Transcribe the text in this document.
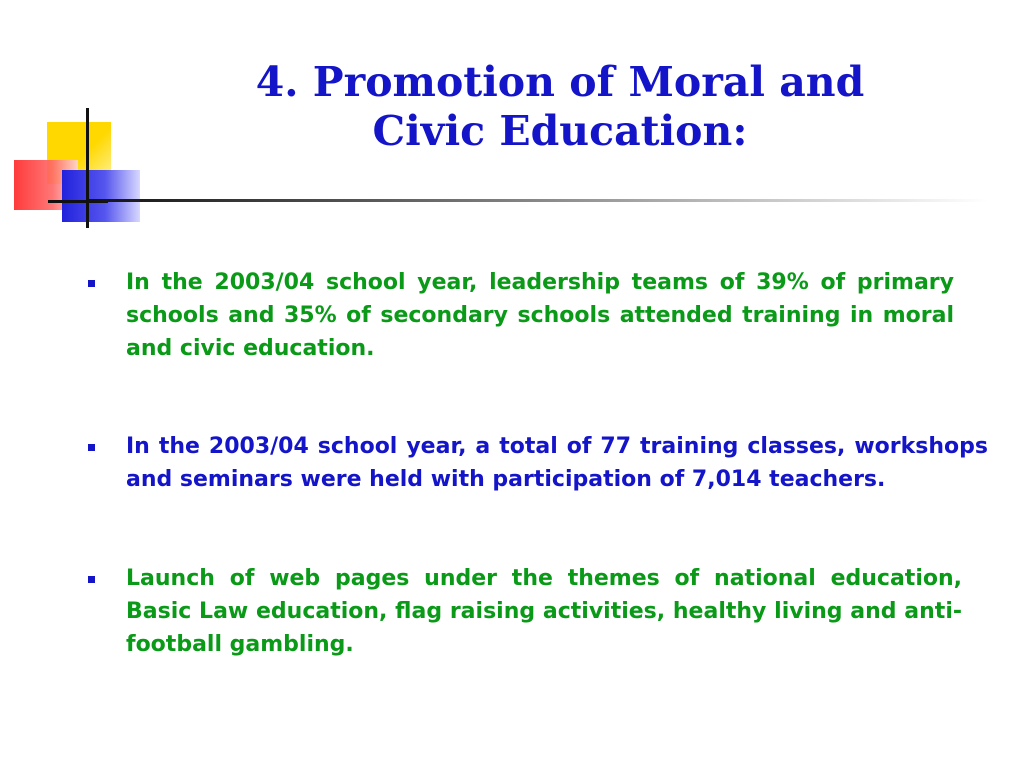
4. Promotion of Moral and
Civic Education:
In the 2003/04 school year, leadership teams of 39% of primary schools and 35% of secondary schools attended training in moral and civic education.
In the 2003/04 school year, a total of 77 training classes, workshops and seminars were held with participation of 7,014 teachers.
Launch of web pages under the themes of national education, Basic Law education, flag raising activities, healthy living and anti-football gambling.
